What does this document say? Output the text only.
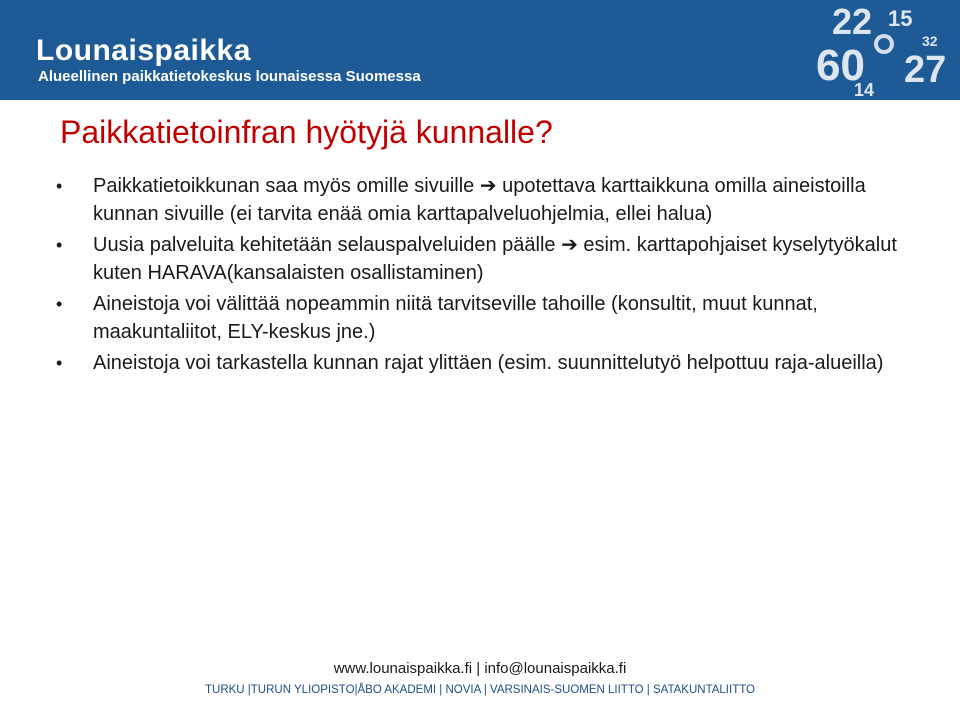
Lounaispaikka
Alueellinen paikkatietokeskus lounaisessa Suomessa
22 15
32
60 27
14
Paikkatietoinfran hyötyjä kunnalle?
• Paikkatietoikkunan saa myös omille sivuille ➔ upotettava karttaikkuna omilla aineistoilla kunnan sivuille (ei tarvita enää omia karttapalveluohjelmia, ellei halua)
• Uusia palveluita kehitetään selauspalveluiden päälle ➔ esim. karttapohjaiset kyselytyökalut kuten HARAVA(kansalaisten osallistaminen)
• Aineistoja voi välittää nopeammin niitä tarvitseville tahoille (konsultit, muut kunnat, maakuntaliitot, ELY-keskus jne.)
• Aineistoja voi tarkastella kunnan rajat ylittäen (esim. suunnittelutyö helpottuu raja-alueilla)
www.lounaispaikka.fi | info@lounaispaikka.fi
TURKU |TURUN YLIOPISTO|ÅBO AKADEMI | NOVIA | VARSINAIS-SUOMEN LIITTO | SATAKUNTALIITTO
